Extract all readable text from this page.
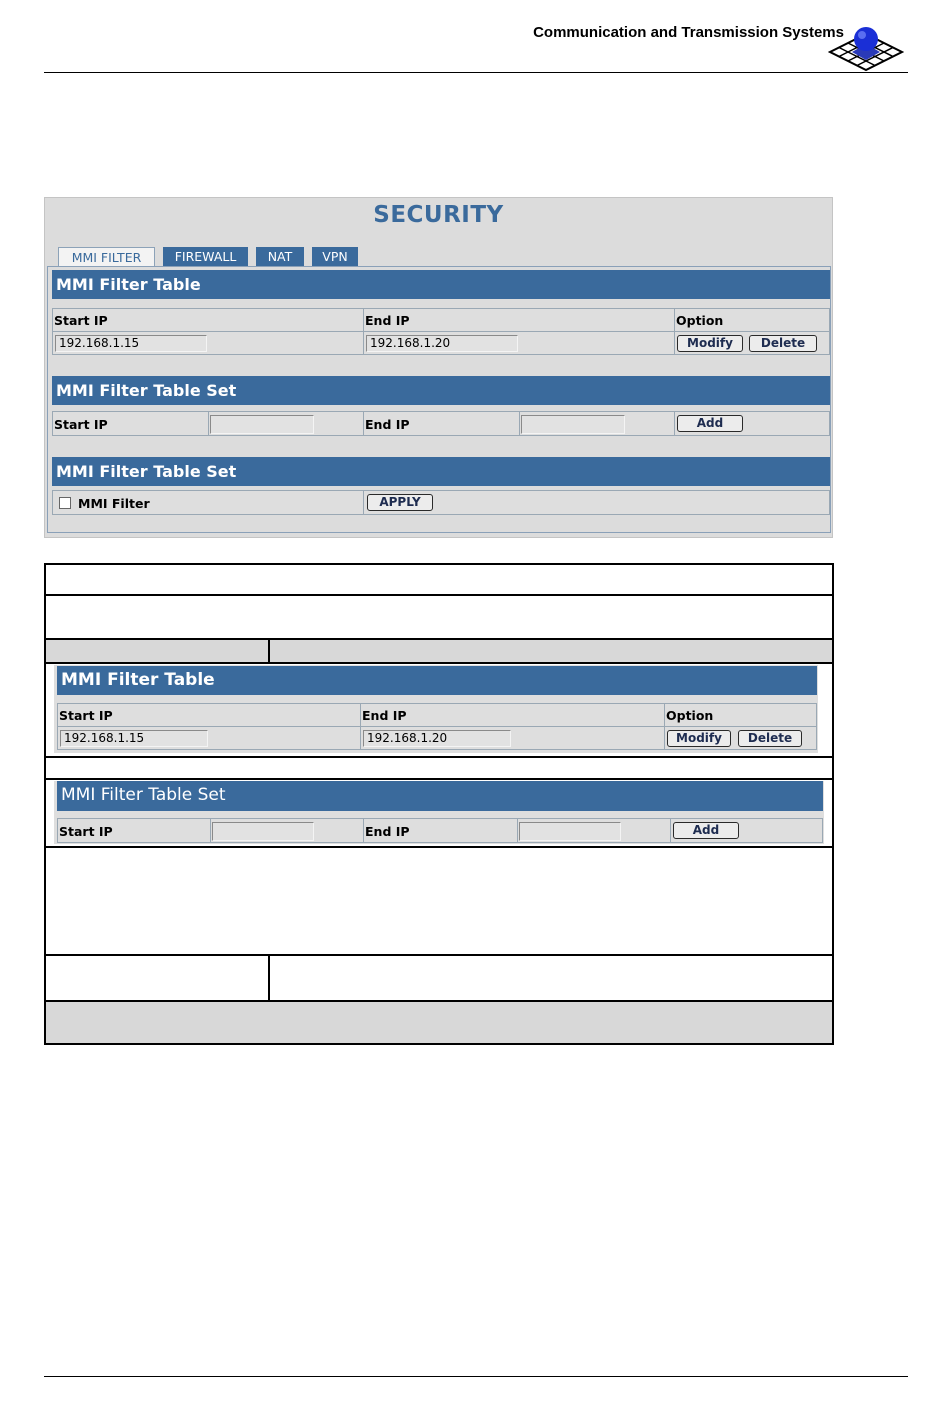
Communication and Transmission Systems
SECURITY
MMI FILTER	FIREWALL	NAT	VPN
MMI Filter Table
Start IP	End IP	Option
192.168.1.15	192.168.1.20	Modify	Delete
MMI Filter Table Set
Start IP	End IP	Add
MMI Filter Table Set
MMI Filter	APPLY
MMI Filter Table
Start IP	End IP	Option
192.168.1.15	192.168.1.20	Modify	Delete
MMI Filter Table Set
Start IP	End IP	Add
